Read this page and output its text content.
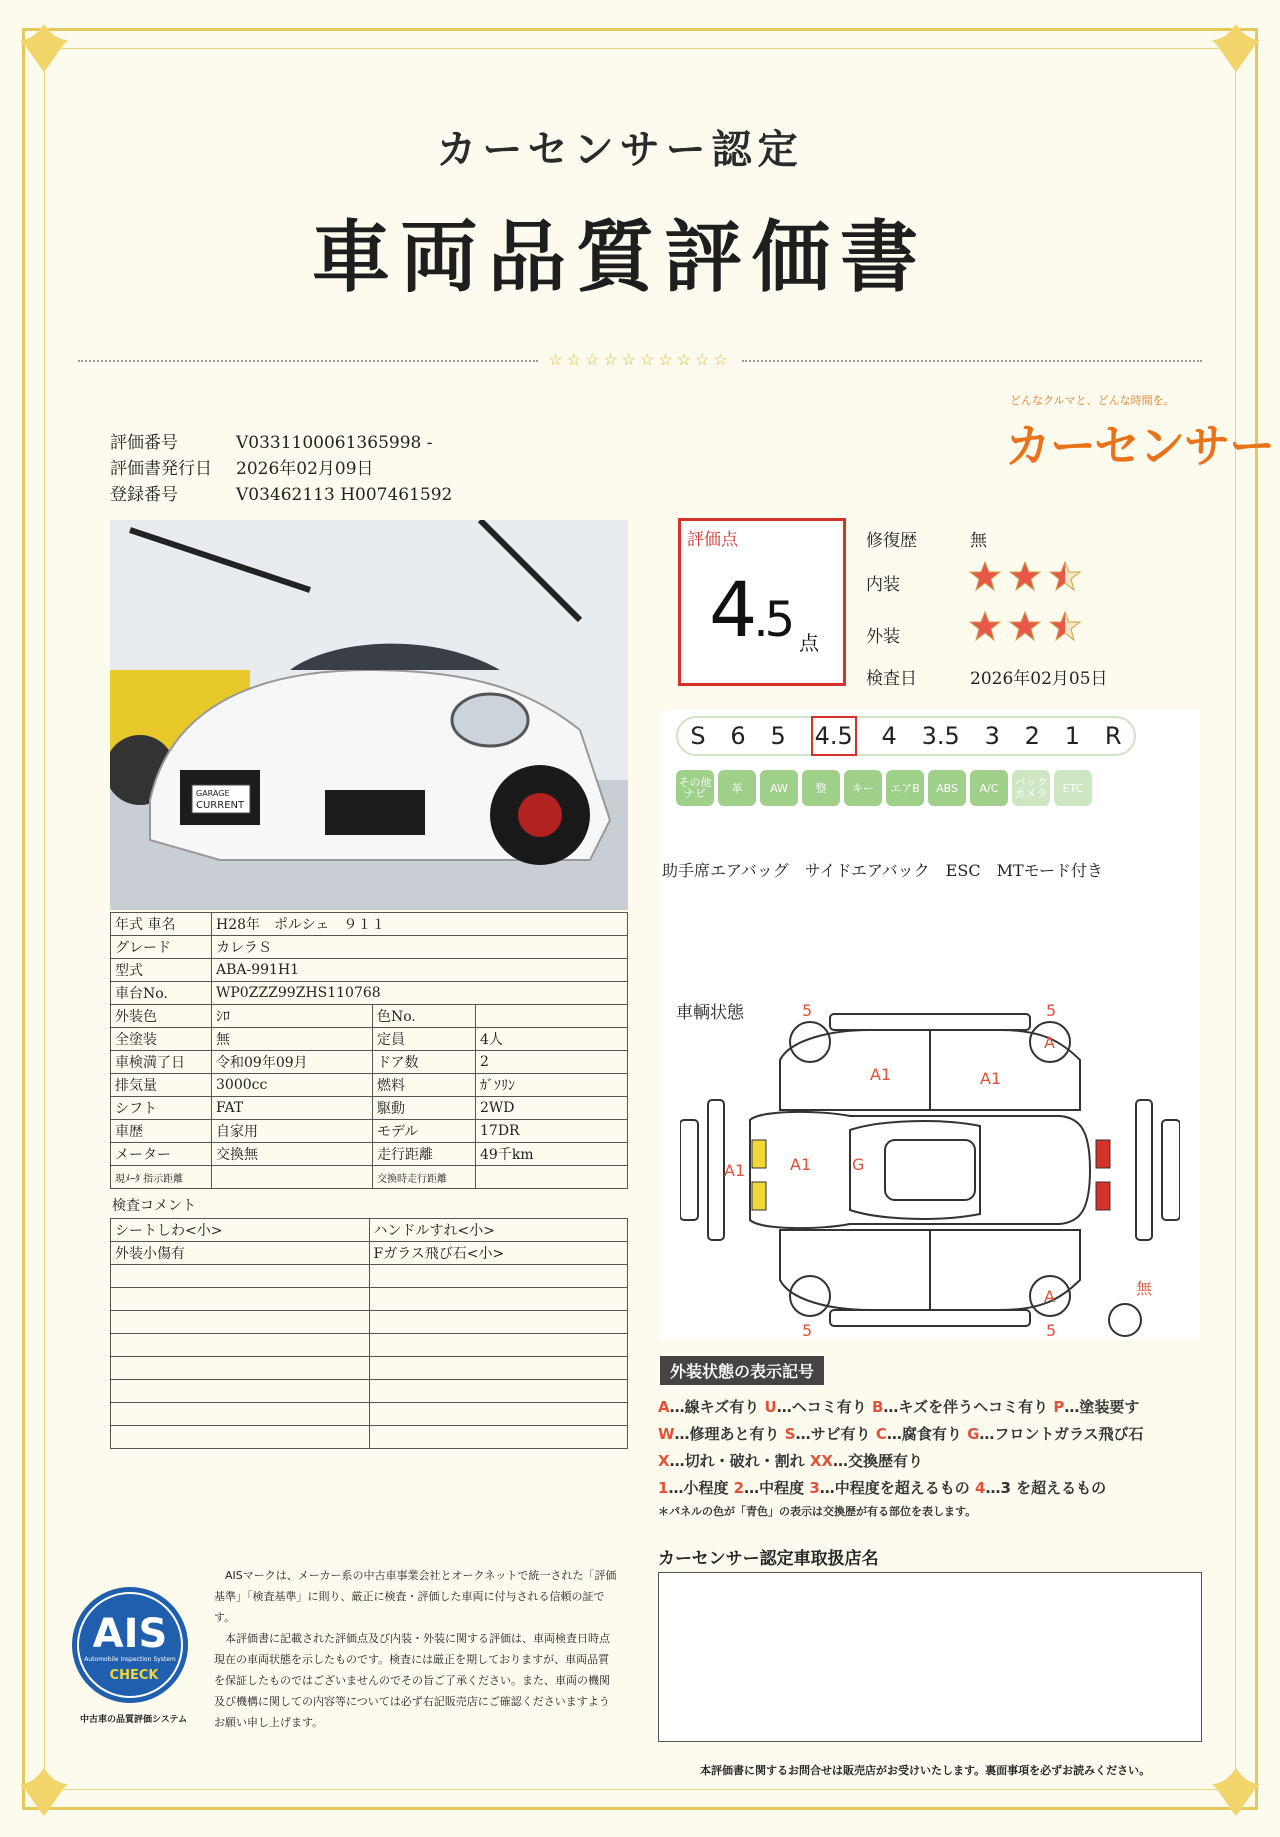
カーセンサー認定
車両品質評価書
☆☆☆☆☆☆☆☆☆☆
どんなクルマと、どんな時間を。
カーセンサー
評価番号	V0331100061365998 -
評価書発行日 2026年02月09日
登録番号	V03462113 H007461592
GARAGE
CURRENT
年式 車名	H28年　ポルシェ　９１１		
グレード	カレラＳ		
型式	ABA-991H1		
車台No.	WP0ZZZ99ZHS110768		
外装色	ｼﾛ	色No.	
全塗装	無	定員	4人
車検満了日	令和09年09月	ドア数	2
排気量	3000cc	燃料	ｶﾞｿﾘﾝ
シフト	FAT	駆動	2WD
車歴	自家用	モデル	17DR
メーター	交換無	走行距離	49千km
現ﾒｰﾀ 指示距離		交換時走行距離	
検査コメント
シートしわ<小>	ハンドルすれ<小>
外装小傷有	Fガラス飛び石<小>

評価点
4.5 点
修復歴	無
内装
外装
検査日	2026年02月05日
S 6 5 4.5 4 3.5 3 2 1 R
その他ナビ	革	AW	整	キー	エアB	ABS	A/C	バックカメラ	ETC
助手席エアバッグ　サイドエアバック　ESC　MTモード付き
車輌状態	5	5
5	5
A
A
A1	A1
A1	A1	G
無
外装状態の表示記号
A…線キズ有り U…ヘコミ有り B…キズを伴うヘコミ有り P…塗装要す
W…修理あと有り S…サビ有り C…腐食有り G…フロントガラス飛び石
X…切れ・破れ・割れ XX…交換歴有り
1…小程度 2…中程度 3…中程度を超えるもの 4…3 を超えるもの
＊パネルの色が「青色」の表示は交換歴が有る部位を表します。
カーセンサー認定車取扱店名
AIS
Automobile Inspection System
CHECK
中古車の品質評価システム

AISマークは、メーカー系の中古車事業会社とオークネットで統一された「評価基準」「検査基準」に則り、厳正に検査・評価した車両に付与される信頼の証です。

本評価書に記載された評価点及び内装・外装に関する評価は、車両検査日時点現在の車両状態を示したものです。検査には厳正を期しておりますが、車両品質を保証したものではございませんのでその旨ご了承ください。また、車両の機関及び機構に関しての内容等については必ず右記販売店にご確認くださいますようお願い申し上げます。

本評価書に関するお問合せは販売店がお受けいたします。裏面事項を必ずお読みください。
